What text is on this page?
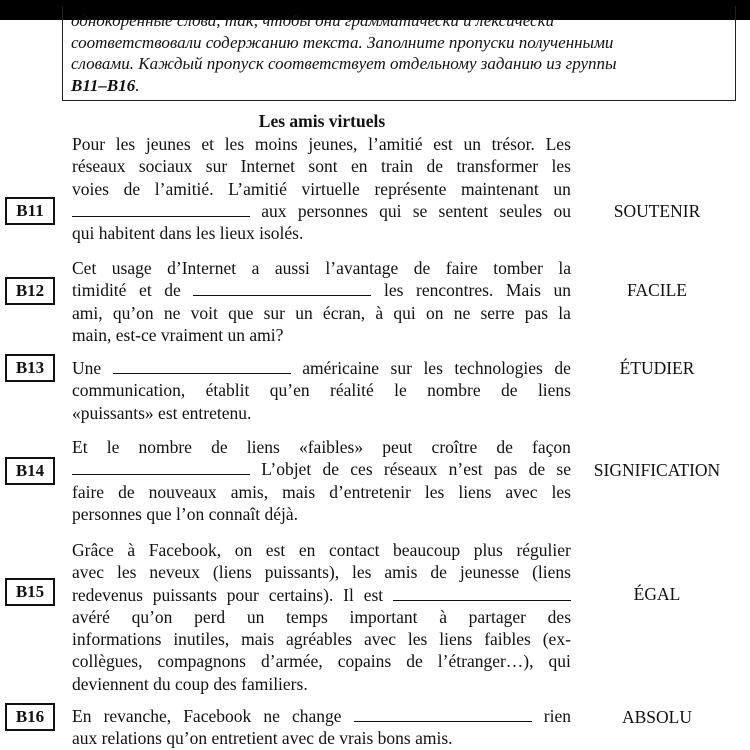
однокоренные слова, так, чтобы они грамматически и лексически
соответствовали содержанию текста. Заполните пропуски полученными
словами. Каждый пропуск соответствует отдельному заданию из группы
B11–B16.
Les amis virtuels
Pour les jeunes et les moins jeunes, l’amitié est un trésor. Les
réseaux sociaux sur Internet sont en train de transformer les
voies de l’amitié. L’amitié virtuelle représente maintenant un
aux personnes qui se sentent seules ou
qui habitent dans les lieux isolés.
B11	SOUTENIR
Cet usage d’Internet a aussi l’avantage de faire tomber la
timidité et de	les rencontres. Mais un
ami, qu’on ne voit que sur un écran, à qui on ne serre pas la
main, est-ce vraiment un ami?
B12	FACILE
Une	américaine sur les technologies de
communication, établit qu’en réalité le nombre de liens
«puissants» est entretenu.
B13	ÉTUDIER
Et le nombre de liens «faibles» peut croître de façon
L’objet de ces réseaux n’est pas de se
faire de nouveaux amis, mais d’entretenir les liens avec les
personnes que l’on connaît déjà.
B14	SIGNIFICATION
Grâce à Facebook, on est en contact beaucoup plus régulier
avec les neveux (liens puissants), les amis de jeunesse (liens
redevenus puissants pour certains). Il est
avéré qu’on perd un temps important à partager des
informations inutiles, mais agréables avec les liens faibles (ex-
collègues, compagnons d’armée, copains de l’étranger…), qui
deviennent du coup des familiers.
B15	ÉGAL
En revanche, Facebook ne change	rien
aux relations qu’on entretient avec de vrais bons amis.
B16	ABSOLU
